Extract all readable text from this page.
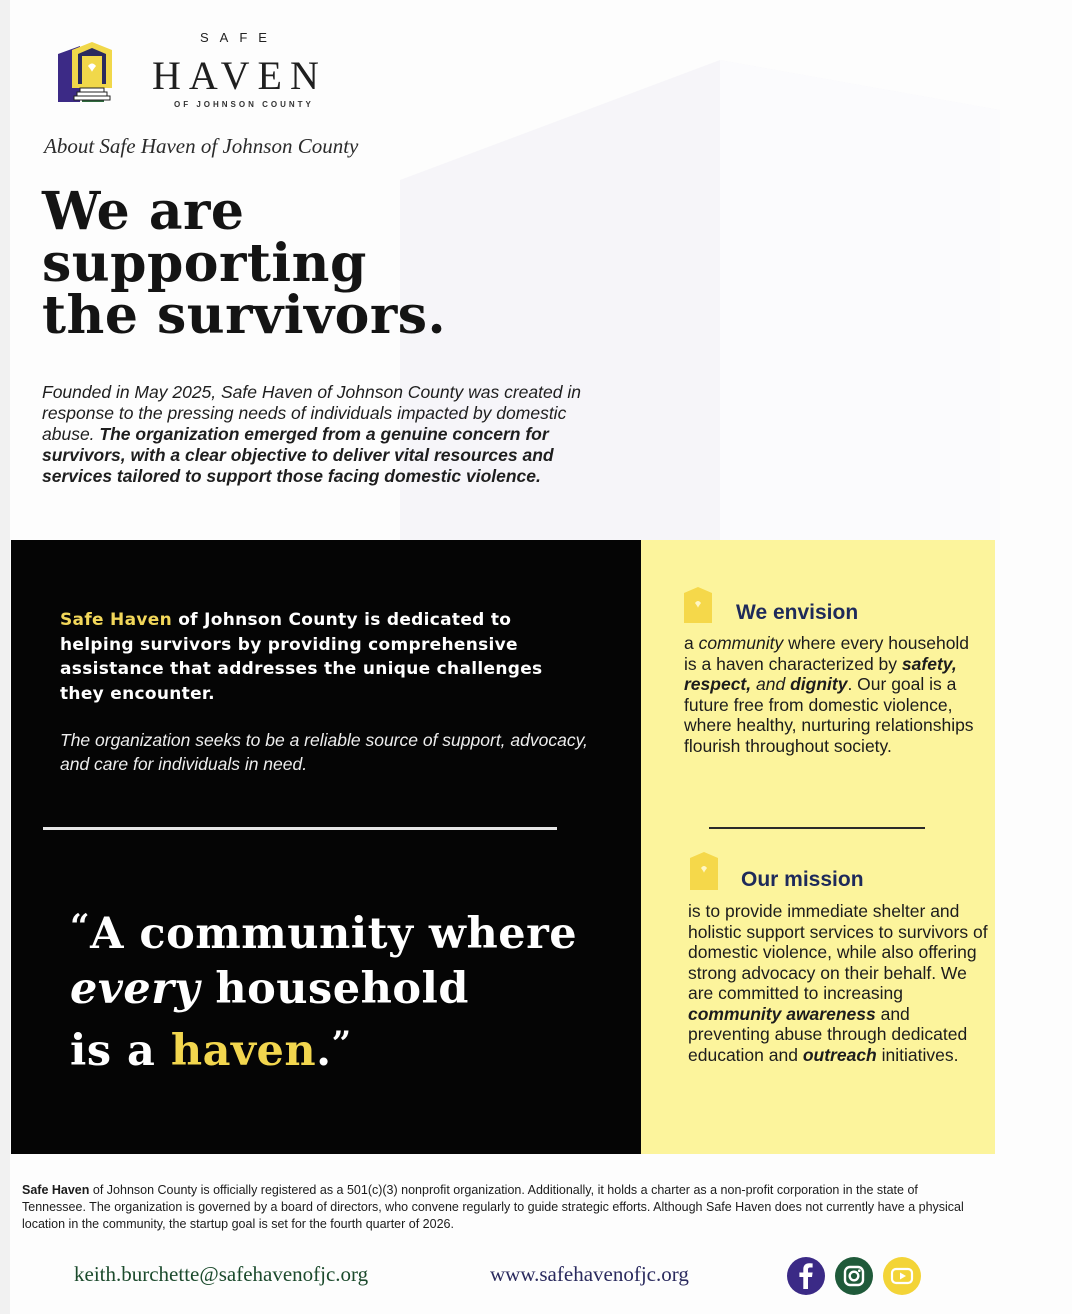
SAFE
HAVEN
OF JOHNSON COUNTY
About Safe Haven of Johnson County
We are
supporting
the survivors.
Founded in May 2025, Safe Haven of Johnson County was created in response to the pressing needs of individuals impacted by domestic abuse. The organization emerged from a genuine concern for survivors, with a clear objective to deliver vital resources and services tailored to support those facing domestic violence.
Safe Haven of Johnson County is dedicated to helping survivors by providing comprehensive assistance that addresses the unique challenges they encounter.
The organization seeks to be a reliable source of support, advocacy, and care for individuals in need.
“A community where
every household
is a haven.”
We envision
a community where every household is a haven characterized by safety, respect, and dignity. Our goal is a future free from domestic violence, where healthy, nurturing relationships flourish throughout society.
Our mission
is to provide immediate shelter and holistic support services to survivors of domestic violence, while also offering strong advocacy on their behalf. We are committed to increasing community awareness and preventing abuse through dedicated education and outreach initiatives.
Safe Haven of Johnson County is officially registered as a 501(c)(3) nonprofit organization. Additionally, it holds a charter as a non-profit corporation in the state of Tennessee. The organization is governed by a board of directors, who convene regularly to guide strategic efforts. Although Safe Haven does not currently have a physical location in the community, the startup goal is set for the fourth quarter of 2026.
keith.burchette@safehavenofjc.org	www.safehavenofjc.org
